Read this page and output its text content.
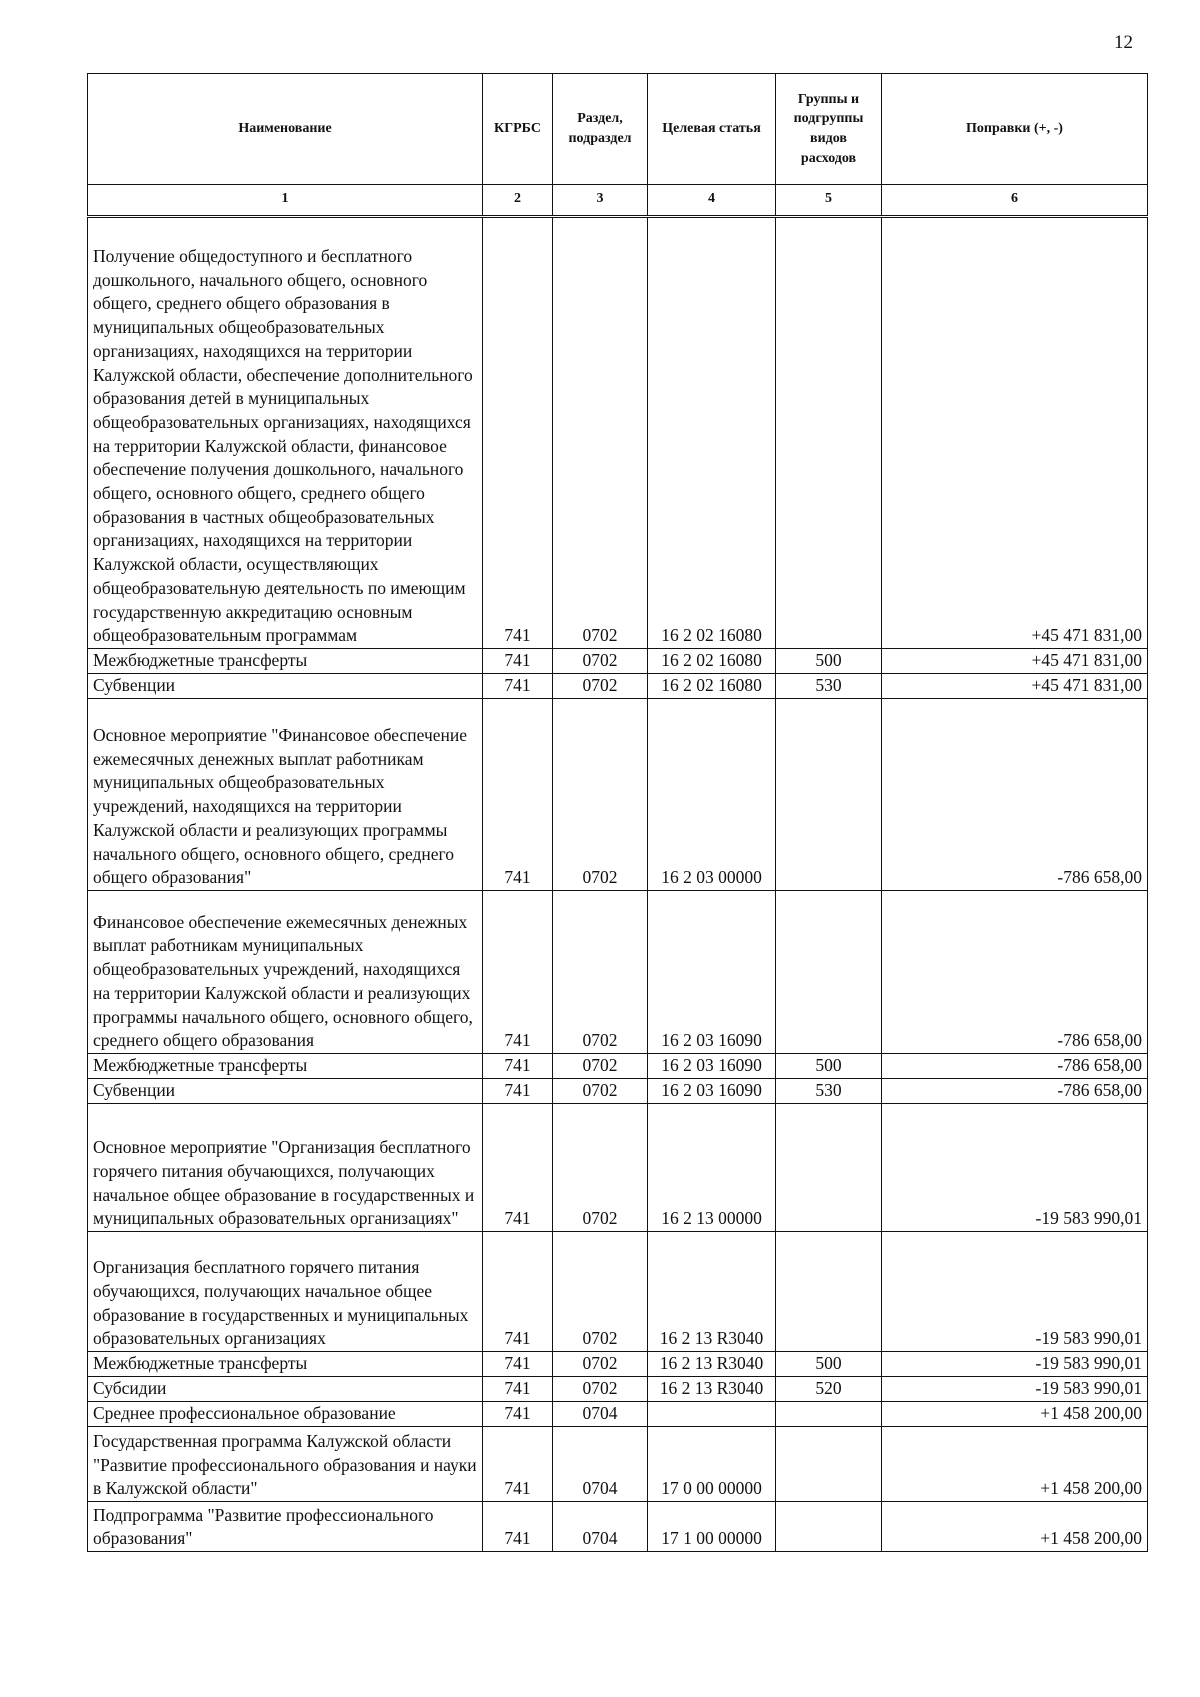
12
Наименование	КГРБС	Раздел, подраздел	Целевая статья	Группы и подгруппы видов расходов	Поправки (+, -)
1	2	3	4	5	6
Получение общедоступного и бесплатного дошкольного, начального общего, основного общего, среднего общего образования в муниципальных общеобразовательных организациях, находящихся на территории Калужской области, обеспечение дополнительного образования детей в муниципальных общеобразовательных организациях, находящихся на территории Калужской области, финансовое обеспечение получения дошкольного, начального общего, основного общего, среднего общего образования в частных общеобразовательных организациях, находящихся на территории Калужской области, осуществляющих общеобразовательную деятельность по имеющим государственную аккредитацию основным общеобразовательным программам	741	0702	16 2 02 16080		+45 471 831,00
Межбюджетные трансферты	741	0702	16 2 02 16080	500	+45 471 831,00
Субвенции	741	0702	16 2 02 16080	530	+45 471 831,00
Основное мероприятие "Финансовое обеспечение ежемесячных денежных выплат работникам муниципальных общеобразовательных учреждений, находящихся на территории Калужской области и реализующих программы начального общего, основного общего, среднего общего образования"	741	0702	16 2 03 00000		-786 658,00
Финансовое обеспечение ежемесячных денежных выплат работникам муниципальных общеобразовательных учреждений, находящихся на территории Калужской области и реализующих программы начального общего, основного общего, среднего общего образования	741	0702	16 2 03 16090		-786 658,00
Межбюджетные трансферты	741	0702	16 2 03 16090	500	-786 658,00
Субвенции	741	0702	16 2 03 16090	530	-786 658,00
Основное мероприятие "Организация бесплатного горячего питания обучающихся, получающих начальное общее образование в государственных и муниципальных образовательных организациях"	741	0702	16 2 13 00000		-19 583 990,01
Организация бесплатного горячего питания обучающихся, получающих начальное общее образование в государственных и муниципальных образовательных организациях	741	0702	16 2 13 R3040		-19 583 990,01
Межбюджетные трансферты	741	0702	16 2 13 R3040	500	-19 583 990,01
Субсидии	741	0702	16 2 13 R3040	520	-19 583 990,01
Среднее профессиональное образование	741	0704			+1 458 200,00
Государственная программа Калужской области "Развитие профессионального образования и науки в Калужской области"	741	0704	17 0 00 00000		+1 458 200,00
Подпрограмма "Развитие профессионального образования"	741	0704	17 1 00 00000		+1 458 200,00
